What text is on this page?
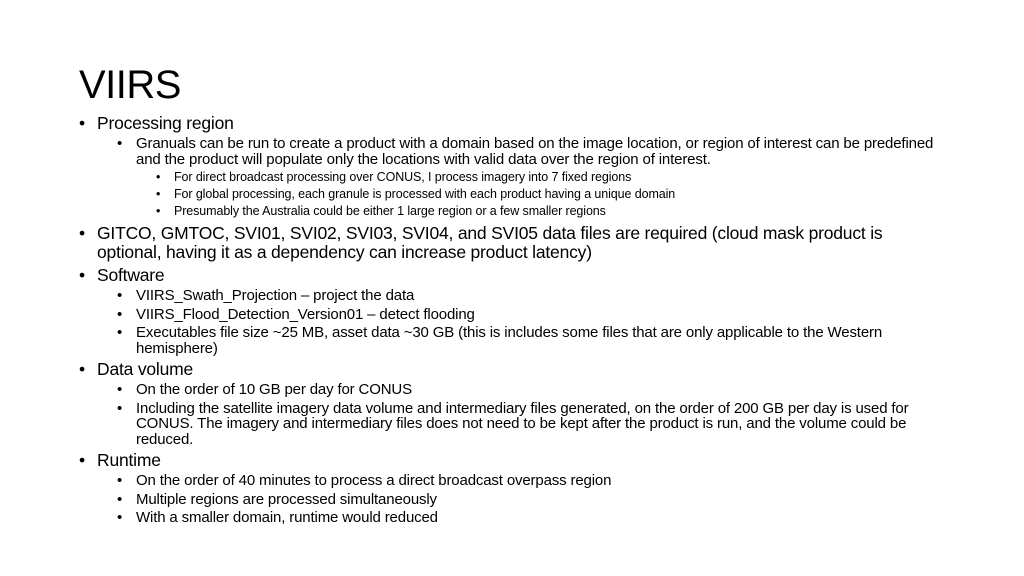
VIIRS
• Processing region
• Granuals can be run to create a product with a domain based on the image location, or region of interest can be predefined and the product will populate only the locations with valid data over the region of interest.
• For direct broadcast processing over CONUS, I process imagery into 7 fixed regions
• For global processing, each granule is processed with each product having a unique domain
• Presumably the Australia could be either 1 large region or a few smaller regions
• GITCO, GMTOC, SVI01, SVI02, SVI03, SVI04, and SVI05 data files are required (cloud mask product is optional, having it as a dependency can increase product latency)
• Software
• VIIRS_Swath_Projection – project the data
• VIIRS_Flood_Detection_Version01 – detect flooding
• Executables file size ~25 MB, asset data ~30 GB (this is includes some files that are only applicable to the Western hemisphere)
• Data volume
• On the order of 10 GB per day for CONUS
• Including the satellite imagery data volume and intermediary files generated, on the order of 200 GB per day is used for CONUS. The imagery and intermediary files does not need to be kept after the product is run, and the volume could be reduced.
• Runtime
• On the order of 40 minutes to process a direct broadcast overpass region
• Multiple regions are processed simultaneously
• With a smaller domain, runtime would reduced
